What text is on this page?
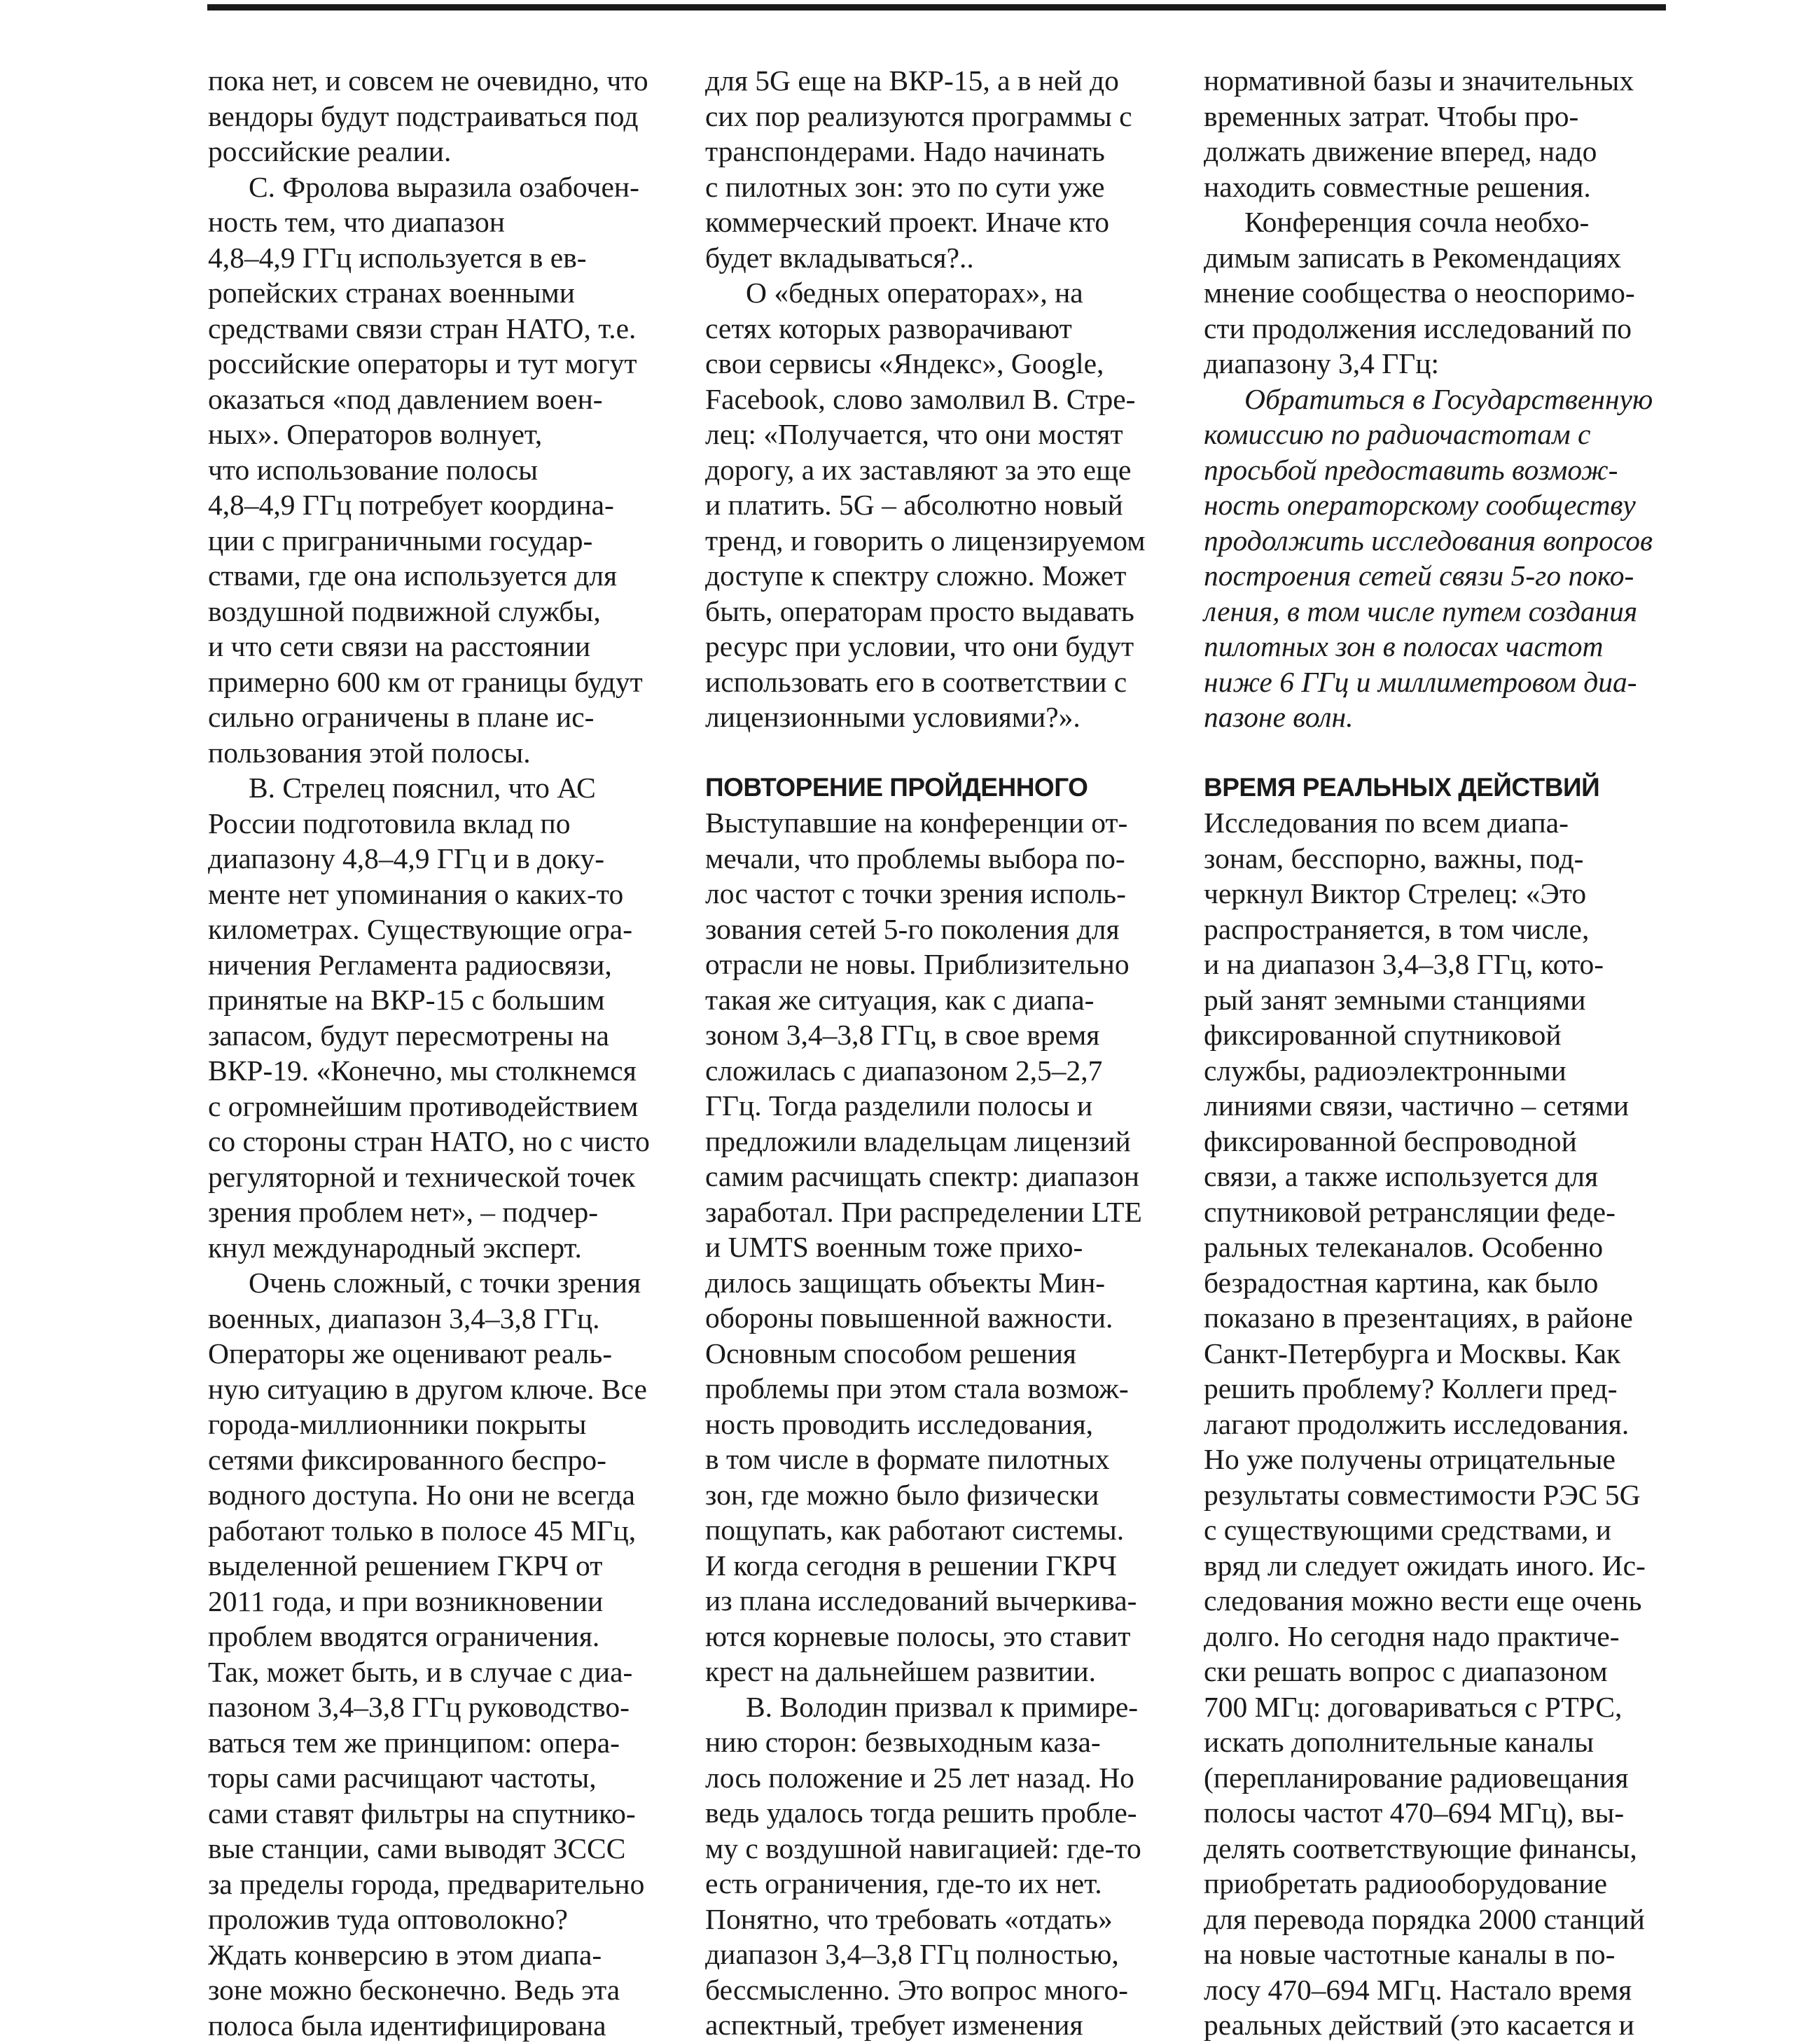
пока нет, и совсем не очевидно, что
вендоры будут подстраиваться под
российские реалии.

С. Фролова выразила озабочен-
ность тем, что диапазон
4,8–4,9 ГГц используется в ев-
ропейских странах военными
средствами связи стран НАТО, т.е.
российские операторы и тут могут
оказаться «под давлением воен-
ных». Операторов волнует,
что использование полосы
4,8–4,9 ГГц потребует координа-
ции с приграничными государ-
ствами, где она используется для
воздушной подвижной службы,
и что сети связи на расстоянии
примерно 600 км от границы будут
сильно ограничены в плане ис-
пользования этой полосы.

В. Стрелец пояснил, что АС
России подготовила вклад по
диапазону 4,8–4,9 ГГц и в доку-
менте нет упоминания о каких-то
километрах. Существующие огра-
ничения Регламента радиосвязи,
принятые на ВКР-15 с большим
запасом, будут пересмотрены на
ВКР-19. «Конечно, мы столкнемся
с огромнейшим противодействием
со стороны стран НАТО, но с чисто
регуляторной и технической точек
зрения проблем нет», – подчер-
кнул международный эксперт.

Очень сложный, с точки зрения
военных, диапазон 3,4–3,8 ГГц.
Операторы же оценивают реаль-
ную ситуацию в другом ключе. Все
города-миллионники покрыты
сетями фиксированного беспро-
водного доступа. Но они не всегда
работают только в полосе 45 МГц,
выделенной решением ГКРЧ от
2011 года, и при возникновении
проблем вводятся ограничения.
Так, может быть, и в случае с диа-
пазоном 3,4–3,8 ГГц руководство-
ваться тем же принципом: опера-
торы сами расчищают частоты,
сами ставят фильтры на спутнико-
вые станции, сами выводят ЗССС
за пределы города, предварительно
проложив туда оптоволокно?
Ждать конверсию в этом диапа-
зоне можно бесконечно. Ведь эта
полоса была идентифицирована

для 5G еще на ВКР-15, а в ней до
сих пор реализуются программы с
транспондерами. Надо начинать
с пилотных зон: это по сути уже
коммерческий проект. Иначе кто
будет вкладываться?..

О «бедных операторах», на
сетях которых разворачивают
свои сервисы «Яндекс», Google,
Facebook, слово замолвил В. Стре-
лец: «Получается, что они мостят
дорогу, а их заставляют за это еще
и платить. 5G – абсолютно новый
тренд, и говорить о лицензируемом
доступе к спектру сложно. Может
быть, операторам просто выдавать
ресурс при условии, что они будут
использовать его в соответствии с
лицензионными условиями?».

ПОВТОРЕНИЕ ПРОЙДЕННОГО

Выступавшие на конференции от-
мечали, что проблемы выбора по-
лос частот с точки зрения исполь-
зования сетей 5-го поколения для
отрасли не новы. Приблизительно
такая же ситуация, как с диапа-
зоном 3,4–3,8 ГГц, в свое время
сложилась с диапазоном 2,5–2,7
ГГц. Тогда разделили полосы и
предложили владельцам лицензий
самим расчищать спектр: диапазон
заработал. При распределении LTE
и UMTS военным тоже прихо-
дилось защищать объекты Мин-
обороны повышенной важности.
Основным способом решения
проблемы при этом стала возмож-
ность проводить исследования,
в том числе в формате пилотных
зон, где можно было физически
пощупать, как работают системы.
И когда сегодня в решении ГКРЧ
из плана исследований вычеркива-
ются корневые полосы, это ставит
крест на дальнейшем развитии.

В. Володин призвал к примире-
нию сторон: безвыходным каза-
лось положение и 25 лет назад. Но
ведь удалось тогда решить пробле-
му с воздушной навигацией: где-то
есть ограничения, где-то их нет.
Понятно, что требовать «отдать»
диапазон 3,4–3,8 ГГц полностью,
бессмысленно. Это вопрос много-
аспектный, требует изменения

нормативной базы и значительных
временных затрат. Чтобы про-
должать движение вперед, надо
находить совместные решения.

Конференция сочла необхо-
димым записать в Рекомендациях
мнение сообщества о неоспоримо-
сти продолжения исследований по
диапазону 3,4 ГГц:

Обратиться в Государственную
комиссию по радиочастотам с
просьбой предоставить возмож-
ность операторскому сообществу
продолжить исследования вопросов
построения сетей связи 5-го поко-
ления, в том числе путем создания
пилотных зон в полосах частот
ниже 6 ГГц и миллиметровом диа-
пазоне волн.

ВРЕМЯ РЕАЛЬНЫХ ДЕЙСТВИЙ

Исследования по всем диапа-
зонам, бесспорно, важны, под-
черкнул Виктор Стрелец: «Это
распространяется, в том числе,
и на диапазон 3,4–3,8 ГГц, кото-
рый занят земными станциями
фиксированной спутниковой
службы, радиоэлектронными
линиями связи, частично – сетями
фиксированной беспроводной
связи, а также используется для
спутниковой ретрансляции феде-
ральных телеканалов. Особенно
безрадостная картина, как было
показано в презентациях, в районе
Санкт-Петербурга и Москвы. Как
решить проблему? Коллеги пред-
лагают продолжить исследования.
Но уже получены отрицательные
результаты совместимости РЭС 5G
с существующими средствами, и
вряд ли следует ожидать иного. Ис-
следования можно вести еще очень
долго. Но сегодня надо практиче-
ски решать вопрос с диапазоном
700 МГц: договариваться с РТРС,
искать дополнительные каналы
(перепланирование радиовещания
полосы частот 470–694 МГц), вы-
делять соответствующие финансы,
приобретать радиооборудование
для перевода порядка 2000 станций
на новые частотные каналы в по-
лосу 470–694 МГц. Настало время
реальных действий (это касается и
